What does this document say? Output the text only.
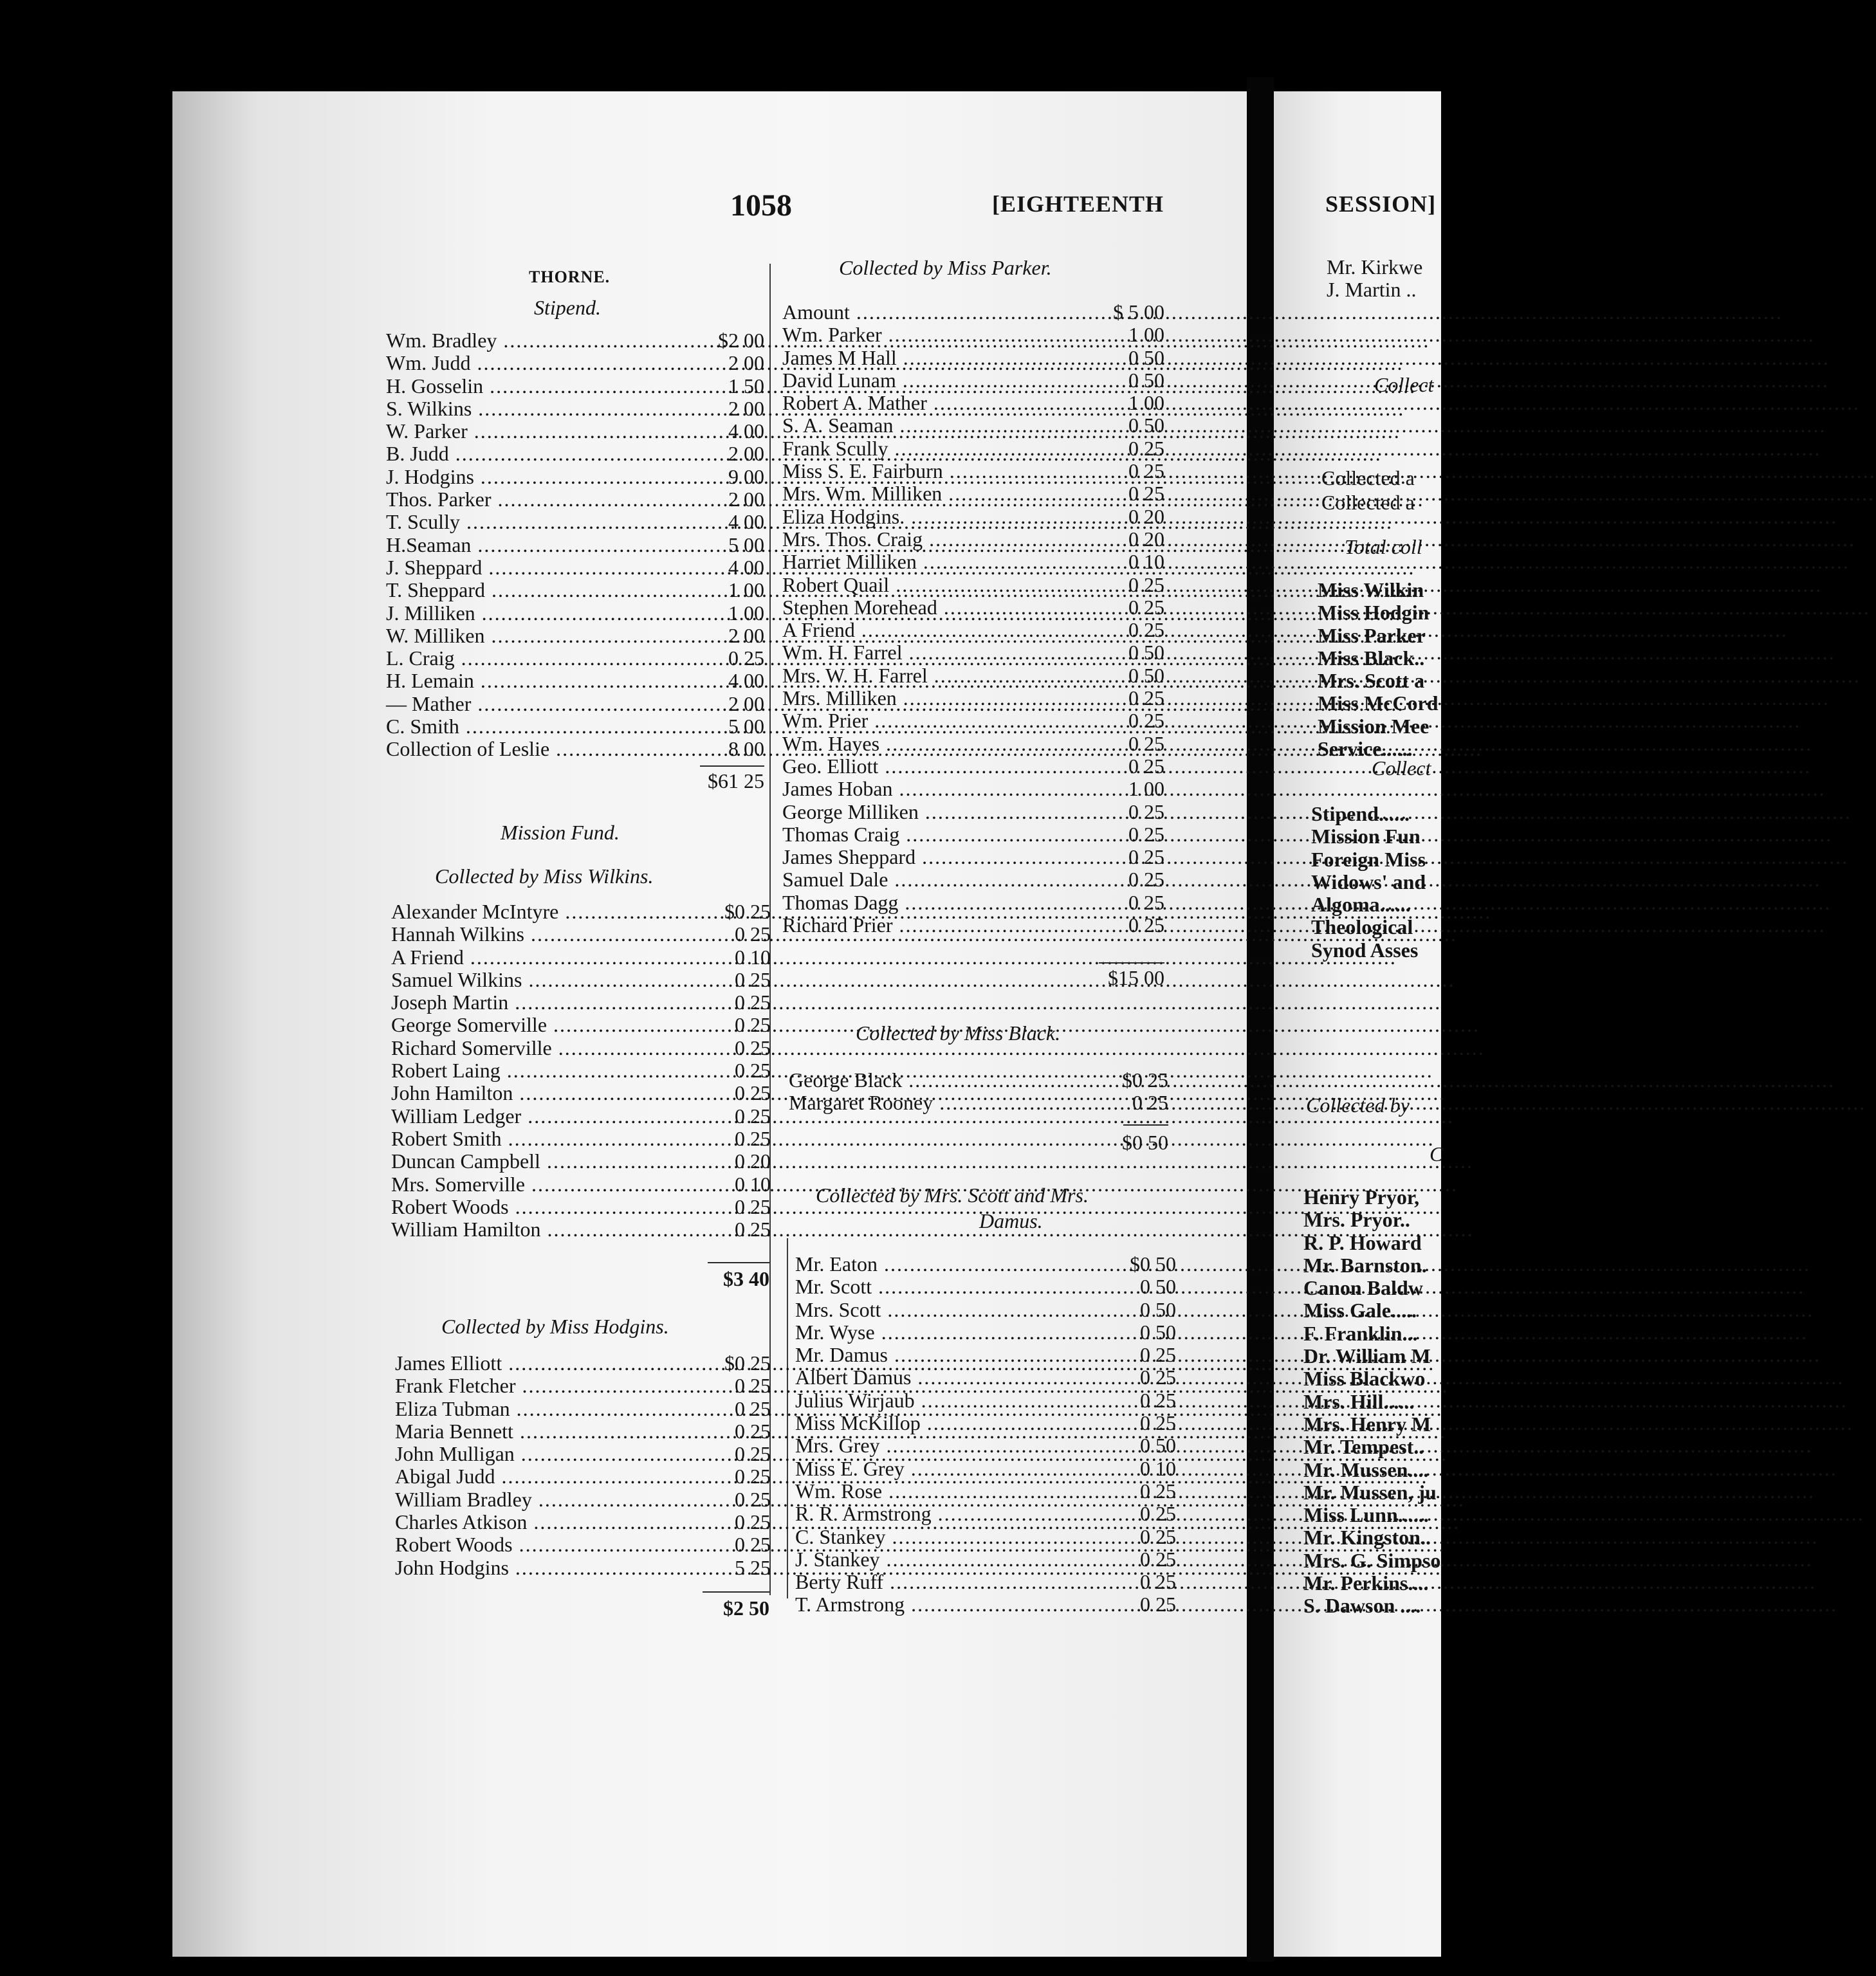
1058	[EIGHTEENTH	SESSION]
THORNE.
Stipend.
Wm. Bradley .....	$2 00
Wm. Judd .....	2 00
H. Gosselin .....	1 50
S. Wilkins .....	2 00
W. Parker .....	4 00
B. Judd .....	2 00
J. Hodgins .....	9 00
Thos. Parker .....	2 00
T. Scully .....	4 00
H.Seaman .....	5 00
J. Sheppard .....	4 00
T. Sheppard .....	1 00
J. Milliken .....	1 00
W. Milliken .....	2 00
L. Craig .....	0 25
H. Lemain .....	4 00
— Mather .....	2 00
C. Smith .....	5 00
Collection of Leslie .....	8 00
$61 25
Mission Fund.
Collected by Miss Wilkins.
Alexander McIntyre .....	$0 25
Hannah Wilkins .....	0 25
A Friend .....	0 10
Samuel Wilkins .....	0 25
Joseph Martin .....	0 25
George Somerville .....	0 25
Richard Somerville .....	0 25
Robert Laing .....	0 25
John Hamilton .....	0 25
William Ledger .....	0 25
Robert Smith .....	0 25
Duncan Campbell .....	0 20
Mrs. Somerville .....	0 10
Robert Woods .....	0 25
William Hamilton .....	0 25
$3 40
Collected by Miss Hodgins.
James Elliott .....	$0 25
Frank Fletcher .....	0 25
Eliza Tubman .....	0 25
Maria Bennett .....	0 25
John Mulligan .....	0 25
Abigal Judd .....	0 25
William Bradley .....	0 25
Charles Atkison .....	0 25
Robert Woods .....	0 25
John Hodgins .....	5 25
$2 50
Collected by Miss Parker.
Amount .....	$ 5 00
Wm. Parker .....	1 00
James M Hall .....	0 50
David Lunam .....	0 50
Robert A. Mather .....	1 00
S. A. Seaman .....	0 50
Frank Scully .....	0 25
Miss S. E. Fairburn .....	0 25
Mrs. Wm. Milliken .....	0 25
Eliza Hodgins. .....	0 20
Mrs. Thos. Craig .....	0 20
Harriet Milliken .....	0 10
Robert Quail .....	0 25
Stephen Morehead .....	0 25
A Friend .....	0 25
Wm. H. Farrel .....	0 50
Mrs. W. H. Farrel .....	0 50
Mrs. Milliken .....	0 25
Wm. Prier .....	0 25
Wm. Hayes .....	0 25
Geo. Elliott .....	0 25
James Hoban .....	1 00
George Milliken .....	0 25
Thomas Craig .....	0 25
James Sheppard .....	0 25
Samuel Dale .....	0 25
Thomas Dagg .....	0 25
Richard Prier .....	0 25
$15 00
Collected by Miss Black.
George Black .....	$0 25
Margaret Rooney .....	0 25
$0 50
Collected by Mrs. Scott and Mrs.
Damus.
Mr. Eaton .....	$0 50
Mr. Scott .....	0 50
Mrs. Scott .....	0 50
Mr. Wyse .....	0 50
Mr. Damus .....	0 25
Albert Damus .....	0 25
Julius Wirjaub .....	0 25
Miss McKillop .....	0 25
Mrs. Grey .....	0 50
Miss E. Grey .....	0 10
Wm. Rose .....	0 25
R. R. Armstrong .....	0 25
C. Stankey .....	0 25
J. Stankey .....	0 25
Berty Ruff .....	0 25
T. Armstrong .....	0 25
Mr. Kirkwe
J. Martin ..
Collect
Collected a
Collected a
Total coll
Miss Wilkin
Miss Hodgin
Miss Parker
Miss Black..
Mrs. Scott a
Miss McCord
Mission Mee
Service......
Collect
Stipend......
Mission Fun
Foreign Miss
Widows' and
Algoma......
Theological
Synod Asses
Collected by
C
Henry Pryor,
Mrs. Pryor..
R. P. Howard
Mr. Barnston.
Canon Baldw
Miss Gale.....
F. Franklin...
Dr. William M
Miss Blackwo
Mrs. Hill......
Mrs. Henry M
Mr. Tempest..
Mr. Mussen....
Mr. Mussen, ju
Miss Lunn......
Mr. Kingston..
Mrs. G. Simpso
Mr. Perkins....
S. Dawson ....
